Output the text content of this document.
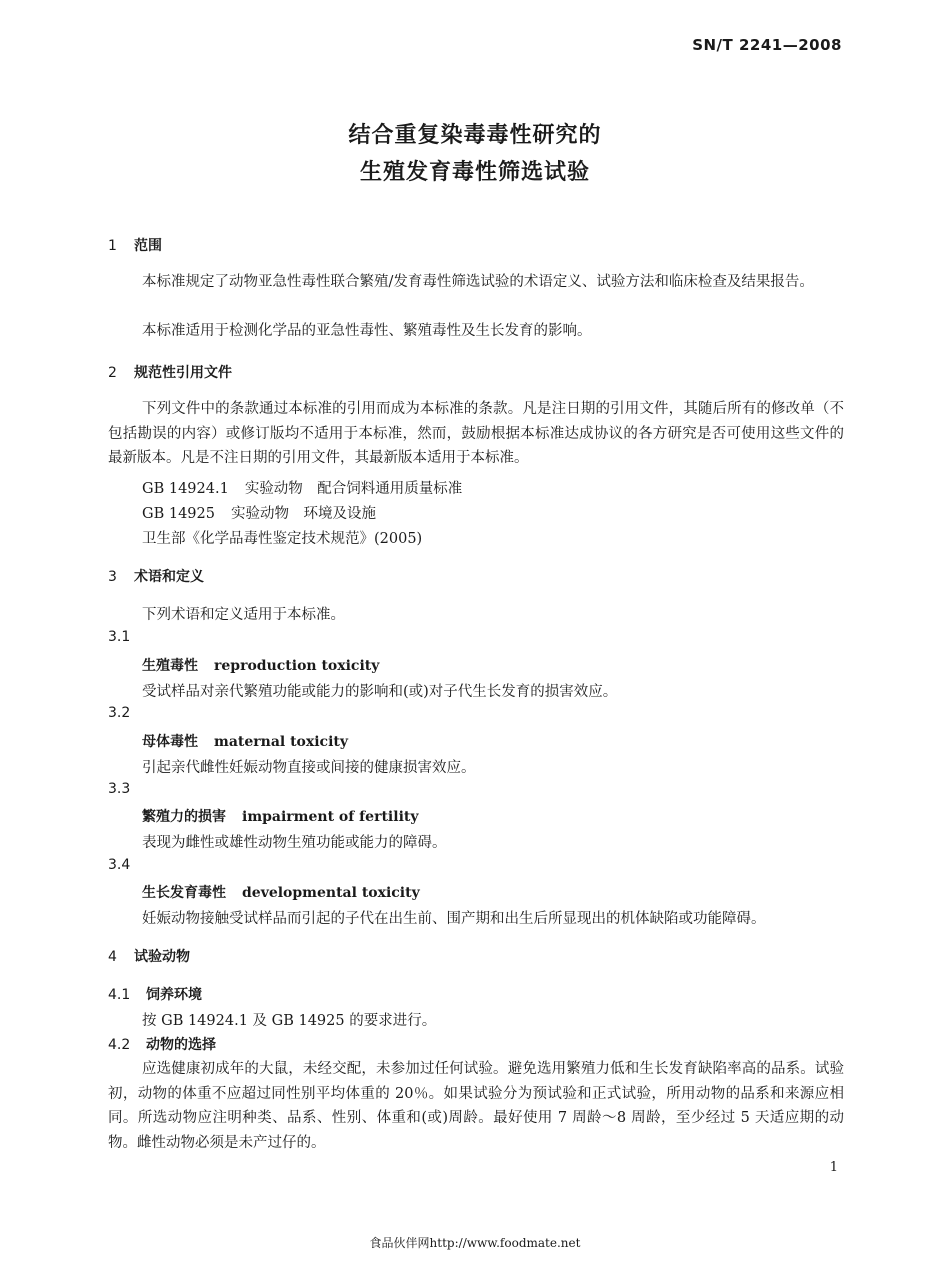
SN/T 2241—2008
结合重复染毒毒性研究的
生殖发育毒性筛选试验
1 范围
本标准规定了动物亚急性毒性联合繁殖/发育毒性筛选试验的术语定义、试验方法和临床检查及结果报告。
本标准适用于检测化学品的亚急性毒性、繁殖毒性及生长发育的影响。
2 规范性引用文件
下列文件中的条款通过本标准的引用而成为本标准的条款。凡是注日期的引用文件，其随后所有的修改单（不包括勘误的内容）或修订版均不适用于本标准，然而，鼓励根据本标准达成协议的各方研究是否可使用这些文件的最新版本。凡是不注日期的引用文件，其最新版本适用于本标准。
GB 14924.1 实验动物　配合饲料通用质量标准
GB 14925 实验动物　环境及设施
卫生部《化学品毒性鉴定技术规范》(2005)
3 术语和定义
下列术语和定义适用于本标准。
3.1
生殖毒性 reproduction toxicity
受试样品对亲代繁殖功能或能力的影响和(或)对子代生长发育的损害效应。
3.2
母体毒性 maternal toxicity
引起亲代雌性妊娠动物直接或间接的健康损害效应。
3.3
繁殖力的损害 impairment of fertility
表现为雌性或雄性动物生殖功能或能力的障碍。
3.4
生长发育毒性 developmental toxicity
妊娠动物接触受试样品而引起的子代在出生前、围产期和出生后所显现出的机体缺陷或功能障碍。
4 试验动物
4.1 饲养环境
按 GB 14924.1 及 GB 14925 的要求进行。
4.2 动物的选择
应选健康初成年的大鼠，未经交配，未参加过任何试验。避免选用繁殖力低和生长发育缺陷率高的品系。试验初，动物的体重不应超过同性别平均体重的 20％。如果试验分为预试验和正式试验，所用动物的品系和来源应相同。所选动物应注明种类、品系、性别、体重和(或)周龄。最好使用 7 周龄～8 周龄，至少经过 5 天适应期的动物。雌性动物必须是未产过仔的。
1
食品伙伴网http://www.foodmate.net
